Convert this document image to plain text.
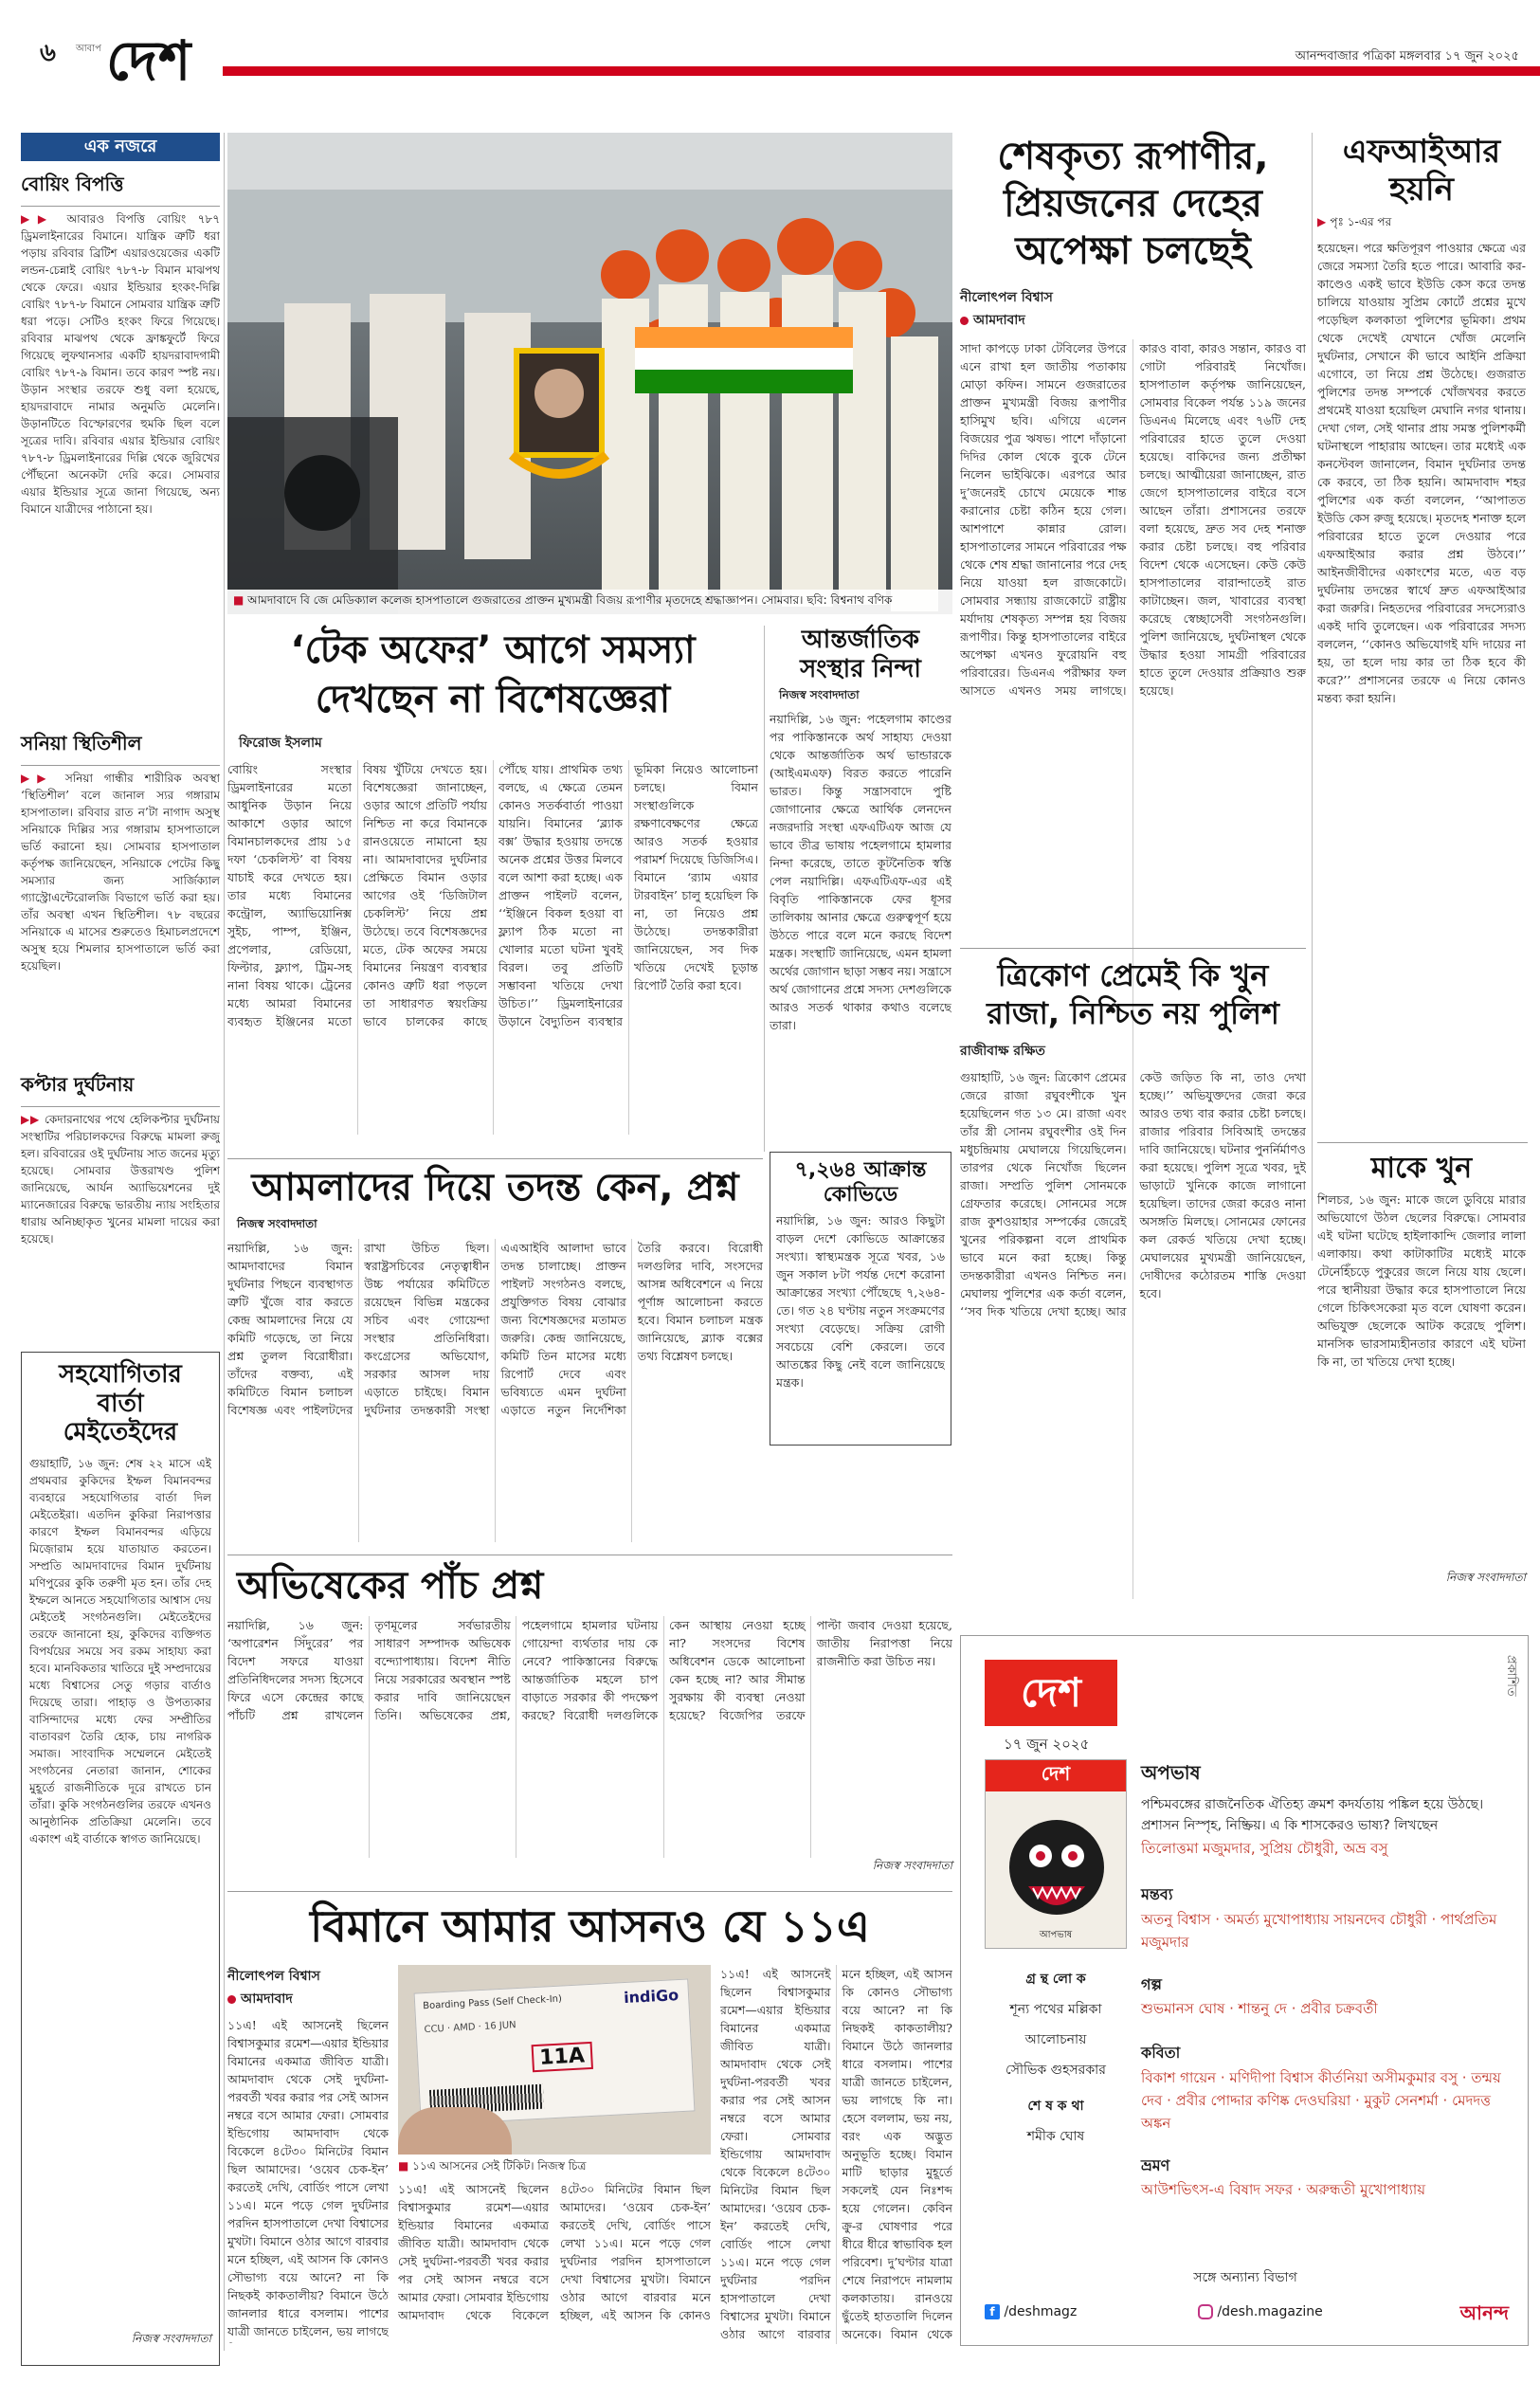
৬ আবাপ দেশ	আনন্দবাজার পত্রিকা মঙ্গলবার ১৭ জুন ২০২৫
এক নজরে
বোয়িং বিপত্তি
▶▶ আবারও বিপত্তি বোয়িং ৭৮৭ ড্রিমলাইনারের বিমানে। যান্ত্রিক ত্রুটি ধরা পড়ায় রবিবার ব্রিটিশ এয়ারওয়েজের একটি লন্ডন-চেন্নাই বোয়িং ৭৮৭-৮ বিমান মাঝপথ থেকে ফেরে। এয়ার ইন্ডিয়ার হংকং-দিল্লি বোয়িং ৭৮৭-৮ বিমানে সোমবার যান্ত্রিক ত্রুটি ধরা পড়ে। সেটিও হংকং ফিরে গিয়েছে। রবিবার মাঝপথ থেকে ফ্রাঙ্কফুর্টে ফিরে গিয়েছে লুফথানসার একটি হায়দরাবাদগামী বোয়িং ৭৮৭-৯ বিমান। তবে কারণ স্পষ্ট নয়। উড়ান সংস্থার তরফে শুধু বলা হয়েছে, হায়দরাবাদে নামার অনুমতি মেলেনি। উড়ানটিতে বিস্ফোরণের হুমকি ছিল বলে সূত্রের দাবি। রবিবার এয়ার ইন্ডিয়ার বোয়িং ৭৮৭-৮ ড্রিমলাইনারের দিল্লি থেকে জুরিখের পৌঁছনো অনেকটা দেরি করে। সোমবার এয়ার ইন্ডিয়ার সূত্রে জানা গিয়েছে, অন্য বিমানে যাত্রীদের পাঠানো হয়।
সনিয়া স্থিতিশীল
▶▶ সনিয়া গান্ধীর শারীরিক অবস্থা ‘স্থিতিশীল’ বলে জানাল স্যর গঙ্গারাম হাসপাতাল। রবিবার রাত ন’টা নাগাদ অসুস্থ সনিয়াকে দিল্লির স্যর গঙ্গারাম হাসপাতালে ভর্তি করানো হয়। সোমবার হাসপাতাল কর্তৃপক্ষ জানিয়েছেন, সনিয়াকে পেটের কিছু সমস্যার জন্য সার্জিক্যাল গ্যাস্ট্রোএন্টেরোলজি বিভাগে ভর্তি করা হয়। তাঁর অবস্থা এখন স্থিতিশীল। ৭৮ বছরের সনিয়াকে এ মাসের শুরুতেও হিমাচলপ্রদেশে অসুস্থ হয়ে শিমলার হাসপাতালে ভর্তি করা হয়েছিল।
কপ্টার দুর্ঘটনায়
▶▶ কেদারনাথের পথে হেলিকপ্টার দুর্ঘটনায় সংস্থাটির পরিচালকদের বিরুদ্ধে মামলা রুজু হল। রবিবারের ওই দুর্ঘটনায় সাত জনের মৃত্যু হয়েছে। সোমবার উত্তরাখণ্ড পুলিশ জানিয়েছে, আর্যন অ্যাভিয়েশনের দুই ম্যানেজারের বিরুদ্ধে ভারতীয় ন্যায় সংহিতার ধারায় অনিচ্ছাকৃত খুনের মামলা দায়ের করা হয়েছে।
সহযোগিতার
বার্তা
মেইতেইদের
গুয়াহাটি, ১৬ জুন: শেষ ২২ মাসে এই প্রথমবার কুকিদের ইম্ফল বিমানবন্দর ব্যবহারে সহযোগিতার বার্তা দিল মেইতেইরা। এতদিন কুকিরা নিরাপত্তার কারণে ইম্ফল বিমানবন্দর এড়িয়ে মিজ়োরাম হয়ে যাতায়াত করতেন। সম্প্রতি আমদাবাদের বিমান দুর্ঘটনায় মণিপুরের কুকি তরুণী মৃত হন। তাঁর দেহ ইম্ফলে আনতে সহযোগিতার আশ্বাস দেয় মেইতেই সংগঠনগুলি। মেইতেইদের তরফে জানানো হয়, কুকিদের ব্যক্তিগত বিপর্যয়ের সময়ে সব রকম সাহায্য করা হবে। মানবিকতার খাতিরে দুই সম্প্রদায়ের মধ্যে বিশ্বাসের সেতু গড়ার বার্তাও দিয়েছে তারা। পাহাড় ও উপত্যকার বাসিন্দাদের মধ্যে ফের সম্প্রীতির বাতাবরণ তৈরি হোক, চায় নাগরিক সমাজ। সাংবাদিক সম্মেলনে মেইতেই সংগঠনের নেতারা জানান, শোকের মুহূর্তে রাজনীতিকে দূরে রাখতে চান তাঁরা। কুকি সংগঠনগুলির তরফে এখনও আনুষ্ঠানিক প্রতিক্রিয়া মেলেনি। তবে একাংশ এই বার্তাকে স্বাগত জানিয়েছে।
নিজস্ব সংবাদদাতা
■ আমদাবাদে বি জে মেডিক্যাল কলেজ হাসপাতালে গুজরাতের প্রাক্তন মুখ্যমন্ত্রী বিজয় রূপাণীর মৃতদেহে শ্রদ্ধাজ্ঞাপন। সোমবার। ছবি: বিশ্বনাথ বণিক
শেষকৃত্য রূপাণীর, প্রিয়জনের দেহের অপেক্ষা চলছেই
নীলোৎপল বিশ্বাস
আমদাবাদ
সাদা কাপড়ে ঢাকা টেবিলের উপরে এনে রাখা হল জাতীয় পতাকায় মোড়া কফিন। সামনে গুজরাতের প্রাক্তন মুখ্যমন্ত্রী বিজয় রূপাণীর হাসিমুখ ছবি। এগিয়ে এলেন বিজয়ের পুত্র ঋষভ। পাশে দাঁড়ানো দিদির কোল থেকে বুকে টেনে নিলেন ভাইঝিকে। এরপরে আর দু’জনেরই চোখে মেয়েকে শান্ত করানোর চেষ্টা কঠিন হয়ে গেল। আশপাশে কান্নার রোল। হাসপাতালের সামনে পরিবারের পক্ষ থেকে শেষ শ্রদ্ধা জানানোর পরে দেহ নিয়ে যাওয়া হল রাজকোটে। সোমবার সন্ধ্যায় রাজকোটে রাষ্ট্রীয় মর্যাদায় শেষকৃত্য সম্পন্ন হয় বিজয় রূপাণীর। কিন্তু হাসপাতালের বাইরে অপেক্ষা এখনও ফুরোয়নি বহু পরিবারের। ডিএনএ পরীক্ষার ফল আসতে এখনও সময় লাগছে। কারও বাবা, কারও সন্তান, কারও বা গোটা পরিবারই নিখোঁজ। হাসপাতাল কর্তৃপক্ষ জানিয়েছেন, সোমবার বিকেল পর্যন্ত ১১৯ জনের ডিএনএ মিলেছে এবং ৭৬টি দেহ পরিবারের হাতে তুলে দেওয়া হয়েছে। বাকিদের জন্য প্রতীক্ষা চলছে। আত্মীয়েরা জানাচ্ছেন, রাত জেগে হাসপাতালের বাইরে বসে আছেন তাঁরা। প্রশাসনের তরফে বলা হয়েছে, দ্রুত সব দেহ শনাক্ত করার চেষ্টা চলছে। বহু পরিবার বিদেশ থেকে এসেছেন। কেউ কেউ হাসপাতালের বারান্দাতেই রাত কাটাচ্ছেন। জল, খাবারের ব্যবস্থা করেছে স্বেচ্ছাসেবী সংগঠনগুলি। পুলিশ জানিয়েছে, দুর্ঘটনাস্থল থেকে উদ্ধার হওয়া সামগ্রী পরিবারের হাতে তুলে দেওয়ার প্রক্রিয়াও শুরু হয়েছে।
এফআইআর
হয়নি
▶ পৃঃ ১-এর পর
হয়েছেন। পরে ক্ষতিপূরণ পাওয়ার ক্ষেত্রে এর জেরে সমস্যা তৈরি হতে পারে। আবারি কর-কাণ্ডেও একই ভাবে ইউডি কেস করে তদন্ত চালিয়ে যাওয়ায় সুপ্রিম কোর্টে প্রশ্নের মুখে পড়েছিল কলকাতা পুলিশের ভূমিকা। প্রথম থেকে দেখেই যেখানে খোঁজ মেলেনি দুর্ঘটনার, সেখানে কী ভাবে আইনি প্রক্রিয়া এগোবে, তা নিয়ে প্রশ্ন উঠেছে। গুজরাত পুলিশের তদন্ত সম্পর্কে খোঁজখবর করতে প্রথমেই যাওয়া হয়েছিল মেঘানি নগর থানায়। দেখা গেল, সেই থানার প্রায় সমস্ত পুলিশকর্মী ঘটনাস্থলে পাহারায় আছেন। তার মধ্যেই এক কনস্টেবল জানালেন, বিমান দুর্ঘটনার তদন্ত কে করবে, তা ঠিক হয়নি। আমদাবাদ শহর পুলিশের এক কর্তা বললেন, ‘‘আপাতত ইউডি কেস রুজু হয়েছে। মৃতদেহ শনাক্ত হলে পরিবারের হাতে তুলে দেওয়ার পরে এফআইআর করার প্রশ্ন উঠবে।’’ আইনজীবীদের একাংশের মতে, এত বড় দুর্ঘটনায় তদন্তের স্বার্থে দ্রুত এফআইআর করা জরুরি। নিহতদের পরিবারের সদস্যেরাও একই দাবি তুলেছেন। এক পরিবারের সদস্য বললেন, ‘‘কোনও অভিযোগই যদি দায়ের না হয়, তা হলে দায় কার তা ঠিক হবে কী করে?’’ প্রশাসনের তরফে এ নিয়ে কোনও মন্তব্য করা হয়নি।
মাকে খুন
শিলচর, ১৬ জুন: মাকে জলে ডুবিয়ে মারার অভিযোগে উঠল ছেলের বিরুদ্ধে। সোমবার এই ঘটনা ঘটেছে হাইলাকান্দি জেলার লালা এলাকায়। কথা কাটাকাটির মধ্যেই মাকে টেনেহিঁচড়ে পুকুরের জলে নিয়ে যায় ছেলে। পরে স্থানীয়রা উদ্ধার করে হাসপাতালে নিয়ে গেলে চিকিৎসকেরা মৃত বলে ঘোষণা করেন। অভিযুক্ত ছেলেকে আটক করেছে পুলিশ। মানসিক ভারসাম্যহীনতার কারণে এই ঘটনা কি না, তা খতিয়ে দেখা হচ্ছে।
নিজস্ব সংবাদদাতা
‘টেক অফের’ আগে সমস্যা দেখছেন না বিশেষজ্ঞেরা
ফিরোজ ইসলাম
বোয়িং সংস্থার ড্রিমলাইনারের মতো আধুনিক উড়ান নিয়ে আকাশে ওড়ার আগে বিমানচালকদের প্রায় ১৫ দফা ‘চেকলিস্ট’ বা বিষয় যাচাই করে দেখতে হয়। তার মধ্যে বিমানের কন্ট্রোল, অ্যাভিয়োনিক্স সুইচ, পাম্প, ইঞ্জিন, প্রপেলার, রেডিয়ো, ফিল্টার, ফ্ল্যাপ, ট্রিম-সহ নানা বিষয় থাকে। ট্রেনের মধ্যে আমরা বিমানের ব্যবহৃত ইঞ্জিনের মতো বিষয় খুঁটিয়ে দেখতে হয়। বিশেষজ্ঞেরা জানাচ্ছেন, ওড়ার আগে প্রতিটি পর্যায় নিশ্চিত না করে বিমানকে রানওয়েতে নামানো হয় না। আমদাবাদের দুর্ঘটনার প্রেক্ষিতে বিমান ওড়ার আগের ওই ‘ডিজিটাল চেকলিস্ট’ নিয়ে প্রশ্ন উঠেছে। তবে বিশেষজ্ঞদের মতে, টেক অফের সময়ে বিমানের নিয়ন্ত্রণ ব্যবস্থার কোনও ত্রুটি ধরা পড়লে তা সাধারণত স্বয়ংক্রিয় ভাবে চালকের কাছে পৌঁছে যায়। প্রাথমিক তথ্য বলছে, এ ক্ষেত্রে তেমন কোনও সতর্কবার্তা পাওয়া যায়নি। বিমানের ‘ব্ল্যাক বক্স’ উদ্ধার হওয়ায় তদন্তে অনেক প্রশ্নের উত্তর মিলবে বলে আশা করা হচ্ছে। এক প্রাক্তন পাইলট বলেন, ‘‘ইঞ্জিনে বিকল হওয়া বা ফ্ল্যাপ ঠিক মতো না খোলার মতো ঘটনা খুবই বিরল। তবু প্রতিটি সম্ভাবনা খতিয়ে দেখা উচিত।’’ ড্রিমলাইনারের উড়ানে বৈদ্যুতিন ব্যবস্থার ভূমিকা নিয়েও আলোচনা চলছে। বিমান সংস্থাগুলিকে রক্ষণাবেক্ষণের ক্ষেত্রে আরও সতর্ক হওয়ার পরামর্শ দিয়েছে ডিজিসিএ। বিমানে ‘র‍্যাম এয়ার টারবাইন’ চালু হয়েছিল কি না, তা নিয়েও প্রশ্ন উঠেছে। তদন্তকারীরা জানিয়েছেন, সব দিক খতিয়ে দেখেই চূড়ান্ত রিপোর্ট তৈরি করা হবে।
আন্তর্জাতিক সংস্থার নিন্দা
নিজস্ব সংবাদদাতা
নয়াদিল্লি, ১৬ জুন: পহেলগাম কাণ্ডের পর পাকিস্তানকে অর্থ সাহায্য দেওয়া থেকে আন্তর্জাতিক অর্থ ভান্ডারকে (আইএমএফ) বিরত করতে পারেনি ভারত। কিন্তু সন্ত্রাসবাদে পুষ্টি জোগানোর ক্ষেত্রে আর্থিক লেনদেন নজরদারি সংস্থা এফএটিএফ আজ যে ভাবে তীব্র ভাষায় পহেলগামে হামলার নিন্দা করেছে, তাতে কূটনৈতিক স্বস্তি পেল নয়াদিল্লি। এফএটিএফ-এর এই বিবৃতি পাকিস্তানকে ফের ধূসর তালিকায় আনার ক্ষেত্রে গুরুত্বপূর্ণ হয়ে উঠতে পারে বলে মনে করছে বিদেশ মন্ত্রক। সংস্থাটি জানিয়েছে, এমন হামলা অর্থের জোগান ছাড়া সম্ভব নয়। সন্ত্রাসে অর্থ জোগানের প্রশ্নে সদস্য দেশগুলিকে আরও সতর্ক থাকার কথাও বলেছে তারা।
ত্রিকোণ প্রেমেই কি খুন রাজা, নিশ্চিত নয় পুলিশ
রাজীবাক্ষ রক্ষিত
গুয়াহাটি, ১৬ জুন: ত্রিকোণ প্রেমের জেরে রাজা রঘুবংশীকে খুন হয়েছিলেন গত ১৩ মে। রাজা এবং তাঁর স্ত্রী সোনম রঘুবংশীর ওই দিন মধুচন্দ্রিমায় মেঘালয়ে গিয়েছিলেন। তারপর থেকে নিখোঁজ ছিলেন রাজা। সম্প্রতি পুলিশ সোনমকে গ্রেফতার করেছে। সোনমের সঙ্গে রাজ কুশওয়াহার সম্পর্কের জেরেই খুনের পরিকল্পনা বলে প্রাথমিক ভাবে মনে করা হচ্ছে। কিন্তু তদন্তকারীরা এখনও নিশ্চিত নন। মেঘালয় পুলিশের এক কর্তা বলেন, ‘‘সব দিক খতিয়ে দেখা হচ্ছে। আর কেউ জড়িত কি না, তাও দেখা হচ্ছে।’’ অভিযুক্তদের জেরা করে আরও তথ্য বার করার চেষ্টা চলছে। রাজার পরিবার সিবিআই তদন্তের দাবি জানিয়েছে। ঘটনার পুনর্নির্মাণও করা হয়েছে। পুলিশ সূত্রে খবর, দুই ভাড়াটে খুনিকে কাজে লাগানো হয়েছিল। তাদের জেরা করেও নানা অসঙ্গতি মিলছে। সোনমের ফোনের কল রেকর্ড খতিয়ে দেখা হচ্ছে। মেঘালয়ের মুখ্যমন্ত্রী জানিয়েছেন, দোষীদের কঠোরতম শাস্তি দেওয়া হবে।
৭,২৬৪ আক্রান্ত কোভিডে
নয়াদিল্লি, ১৬ জুন: আরও কিছুটা বাড়ল দেশে কোভিডে আক্রান্তের সংখ্যা। স্বাস্থ্যমন্ত্রক সূত্রে খবর, ১৬ জুন সকাল ৮টা পর্যন্ত দেশে করোনা আক্রান্তের সংখ্যা পৌঁছেছে ৭,২৬৪-তে। গত ২৪ ঘণ্টায় নতুন সংক্রমণের সংখ্যা বেড়েছে। সক্রিয় রোগী সবচেয়ে বেশি কেরলে। তবে আতঙ্কের কিছু নেই বলে জানিয়েছে মন্ত্রক।
আমলাদের দিয়ে তদন্ত কেন, প্রশ্ন
নিজস্ব সংবাদদাতা
নয়াদিল্লি, ১৬ জুন: আমদাবাদের বিমান দুর্ঘটনার পিছনে ব্যবস্থাগত ত্রুটি খুঁজে বার করতে কেন্দ্র আমলাদের নিয়ে যে কমিটি গড়েছে, তা নিয়ে প্রশ্ন তুলল বিরোধীরা। তাঁদের বক্তব্য, এই কমিটিতে বিমান চলাচল বিশেষজ্ঞ এবং পাইলটদের রাখা উচিত ছিল। স্বরাষ্ট্রসচিবের নেতৃত্বাধীন উচ্চ পর্যায়ের কমিটিতে রয়েছেন বিভিন্ন মন্ত্রকের সচিব এবং গোয়েন্দা সংস্থার প্রতিনিধিরা। কংগ্রেসের অভিযোগ, সরকার আসল দায় এড়াতে চাইছে। বিমান দুর্ঘটনার তদন্তকারী সংস্থা এএআইবি আলাদা ভাবে তদন্ত চালাচ্ছে। প্রাক্তন পাইলট সংগঠনও বলছে, প্রযুক্তিগত বিষয় বোঝার জন্য বিশেষজ্ঞদের মতামত জরুরি। কেন্দ্র জানিয়েছে, কমিটি তিন মাসের মধ্যে রিপোর্ট দেবে এবং ভবিষ্যতে এমন দুর্ঘটনা এড়াতে নতুন নির্দেশিকা তৈরি করবে। বিরোধী দলগুলির দাবি, সংসদের আসন্ন অধিবেশনে এ নিয়ে পূর্ণাঙ্গ আলোচনা করতে হবে। বিমান চলাচল মন্ত্রক জানিয়েছে, ব্ল্যাক বক্সের তথ্য বিশ্লেষণ চলছে।
অভিষেকের পাঁচ প্রশ্ন
নয়াদিল্লি, ১৬ জুন: ‘অপারেশন সিঁদুরের’ পর বিদেশ সফরে যাওয়া প্রতিনিধিদলের সদস্য হিসেবে ফিরে এসে কেন্দ্রের কাছে পাঁচটি প্রশ্ন রাখলেন তৃণমূলের সর্বভারতীয় সাধারণ সম্পাদক অভিষেক বন্দ্যোপাধ্যায়। বিদেশ নীতি নিয়ে সরকারের অবস্থান স্পষ্ট করার দাবি জানিয়েছেন তিনি। অভিষেকের প্রশ্ন, পহেলগামে হামলার ঘটনায় গোয়েন্দা ব্যর্থতার দায় কে নেবে? পাকিস্তানের বিরুদ্ধে আন্তর্জাতিক মহলে চাপ বাড়াতে সরকার কী পদক্ষেপ করছে? বিরোধী দলগুলিকে কেন আস্থায় নেওয়া হচ্ছে না? সংসদের বিশেষ অধিবেশন ডেকে আলোচনা কেন হচ্ছে না? আর সীমান্ত সুরক্ষায় কী ব্যবস্থা নেওয়া হয়েছে? বিজেপির তরফে পাল্টা জবাব দেওয়া হয়েছে, জাতীয় নিরাপত্তা নিয়ে রাজনীতি করা উচিত নয়।
নিজস্ব সংবাদদাতা
বিমানে আমার আসনও যে ১১এ
নীলোৎপল বিশ্বাস
আমদাবাদ
১১এ! এই আসনেই ছিলেন বিশ্বাসকুমার রমেশ—এয়ার ইন্ডিয়ার বিমানের একমাত্র জীবিত যাত্রী। আমদাবাদ থেকে সেই দুর্ঘটনা-পরবর্তী খবর করার পর সেই আসন নম্বরে বসে আমার ফেরা। সোমবার ইন্ডিগোয় আমদাবাদ থেকে বিকেলে ৪টে৩০ মিনিটের বিমান ছিল আমাদের। ‘ওয়েব চেক-ইন’ করতেই দেখি, বোর্ডিং পাসে লেখা ১১এ। মনে পড়ে গেল দুর্ঘটনার পরদিন হাসপাতালে দেখা বিশ্বাসের মুখটা। বিমানে ওঠার আগে বারবার মনে হচ্ছিল, এই আসন কি কোনও সৌভাগ্য বয়ে আনে? না কি নিছকই কাকতালীয়? বিমানে উঠে জানলার ধারে বসলাম। পাশের যাত্রী জানতে চাইলেন, ভয় লাগছে
Boarding Pass (Self Check-In)	indiGo
CCU · AMD · 16 JUN
11A
■ ১১এ আসনের সেই টিকিট। নিজস্ব চিত্র
১১এ! এই আসনেই ছিলেন বিশ্বাসকুমার রমেশ—এয়ার ইন্ডিয়ার বিমানের একমাত্র জীবিত যাত্রী। আমদাবাদ থেকে সেই দুর্ঘটনা-পরবর্তী খবর করার পর সেই আসন নম্বরে বসে আমার ফেরা। সোমবার ইন্ডিগোয় আমদাবাদ থেকে বিকেলে ৪টে৩০ মিনিটের বিমান ছিল আমাদের। ‘ওয়েব চেক-ইন’ করতেই দেখি, বোর্ডিং পাসে লেখা ১১এ। মনে পড়ে গেল দুর্ঘটনার পরদিন হাসপাতালে দেখা বিশ্বাসের মুখটা। বিমানে ওঠার আগে বারবার মনে হচ্ছিল, এই আসন কি কোনও
১১এ! এই আসনেই ছিলেন বিশ্বাসকুমার রমেশ—এয়ার ইন্ডিয়ার বিমানের একমাত্র জীবিত যাত্রী। আমদাবাদ থেকে সেই দুর্ঘটনা-পরবর্তী খবর করার পর সেই আসন নম্বরে বসে আমার ফেরা। সোমবার ইন্ডিগোয় আমদাবাদ থেকে বিকেলে ৪টে৩০ মিনিটের বিমান ছিল আমাদের। ‘ওয়েব চেক-ইন’ করতেই দেখি, বোর্ডিং পাসে লেখা ১১এ। মনে পড়ে গেল দুর্ঘটনার পরদিন হাসপাতালে দেখা বিশ্বাসের মুখটা। বিমানে ওঠার আগে বারবার মনে হচ্ছিল, এই আসন কি কোনও সৌভাগ্য বয়ে আনে? না কি নিছকই কাকতালীয়? বিমানে উঠে জানলার ধারে বসলাম। পাশের যাত্রী জানতে চাইলেন, ভয় লাগছে কি না। হেসে বললাম, ভয় নয়, বরং এক অদ্ভুত অনুভূতি হচ্ছে। বিমান মাটি ছাড়ার মুহূর্তে সকলেই যেন নিঃশব্দ হয়ে গেলেন। কেবিন ক্রু-র ঘোষণার পরে ধীরে ধীরে স্বাভাবিক হল পরিবেশ। দু’ঘণ্টার যাত্রা শেষে নিরাপদে নামলাম কলকাতায়। রানওয়ে ছুঁতেই হাততালি দিলেন অনেকে। বিমান থেকে
প্রকাশিত
দেশ
১৭ জুন ২০২৫
দেশ
আপভাষ
অপভাষ
পশ্চিমবঙ্গের রাজনৈতিক ঐতিহ্য ক্রমশ কদর্যতায় পঙ্কিল হয়ে উঠছে। প্রশাসন নিস্পৃহ, নিষ্ক্রিয়। এ কি শাসকেরও ভাষ্য? লিখছেন
তিলোত্তমা মজুমদার, সুপ্রিয় চৌধুরী, অভ্র বসু
মন্তব্য
অতনু বিশ্বাস · অমর্ত্য মুখোপাধ্যায় সায়নদেব চৌধুরী · পার্থপ্রতিম মজুমদার
গল্প
শুভমানস ঘোষ · শান্তনু দে · প্রবীর চক্রবর্তী
কবিতা
বিকাশ গায়েন · মণিদীপা বিশ্বাস কীর্তনিয়া অসীমকুমার বসু · তন্ময় দেব · প্রবীর পোদ্দার কণিষ্ক দেওঘরিয়া · মুকুট সেনশর্মা · মেদদত্ত অঙ্কন
ভ্রমণ
আউশভিৎস-এ বিষাদ সফর · অরুন্ধতী মুখোপাধ্যায়
গ্র ন্থ লো ক
শূন্য পথের মল্লিকা
আলোচনায়
সৌভিক গুহসরকার
শে ষ ক থা
শমীক ঘোষ
সঙ্গে অন্যান্য বিভাগ
f /deshmagz	/desh.magazine	আনন্দ
